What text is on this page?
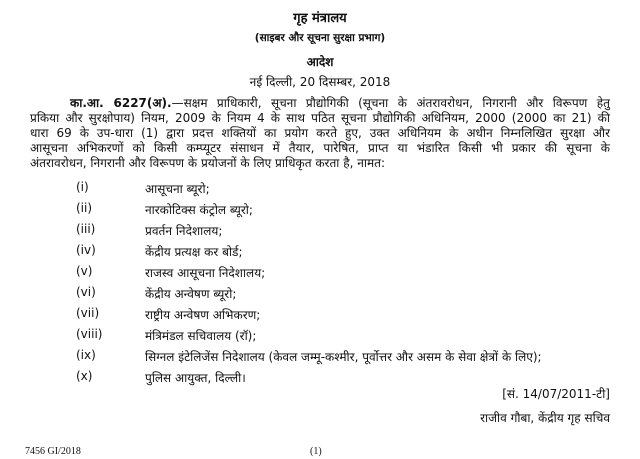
गृह मंत्रालय
(साइबर और सूचना सुरक्षा प्रभाग)
आदेश
नई दिल्ली, 20 दिसम्बर, 2018
का.आ. 6227(अ).—सक्षम प्राधिकारी, सूचना प्रौद्योगिकी (सूचना के अंतरावरोधन, निगरानी और विरूपण हेतु
प्रकिया और सुरक्षोपाय) नियम, 2009 के नियम 4 के साथ पठित सूचना प्रौद्योगिकी अधिनियम, 2000 (2000 का 21) की
धारा 69 के उप-धारा (1) द्वारा प्रदत्त शक्तियों का प्रयोग करते हुए, उक्त अधिनियम के अधीन निम्नलिखित सुरक्षा और
आसूचना अभिकरणों को किसी कम्प्यूटर संसाधन में तैयार, पारेषित, प्राप्त या भंडारित किसी भी प्रकार की सूचना के
अंतरावरोधन, निगरानी और विरूपण के प्रयोजनों के लिए प्राधिकृत करता है, नामत:
(i)	आसूचना ब्यूरो;
(ii)	नारकोटिक्स कंट्रोल ब्यूरो;
(iii)	प्रवर्तन निदेशालय;
(iv)	केंद्रीय प्रत्यक्ष कर बोर्ड;
(v)	राजस्व आसूचना निदेशालय;
(vi)	केंद्रीय अन्वेषण ब्यूरो;
(vii)	राष्ट्रीय अन्वेषण अभिकरण;
(viii)	मंत्रिमंडल सचिवालय (रॉ);
(ix)	सिग्नल इंटेलिजेंस निदेशालय (केवल जम्मू-कश्मीर, पूर्वोत्तर और असम के सेवा क्षेत्रों के लिए);
(x)	पुलिस आयुक्त, दिल्ली।
[सं. 14/07/2011-टी]
राजीव गौबा, केंद्रीय गृह सचिव
7456 GI/2018	(1)
